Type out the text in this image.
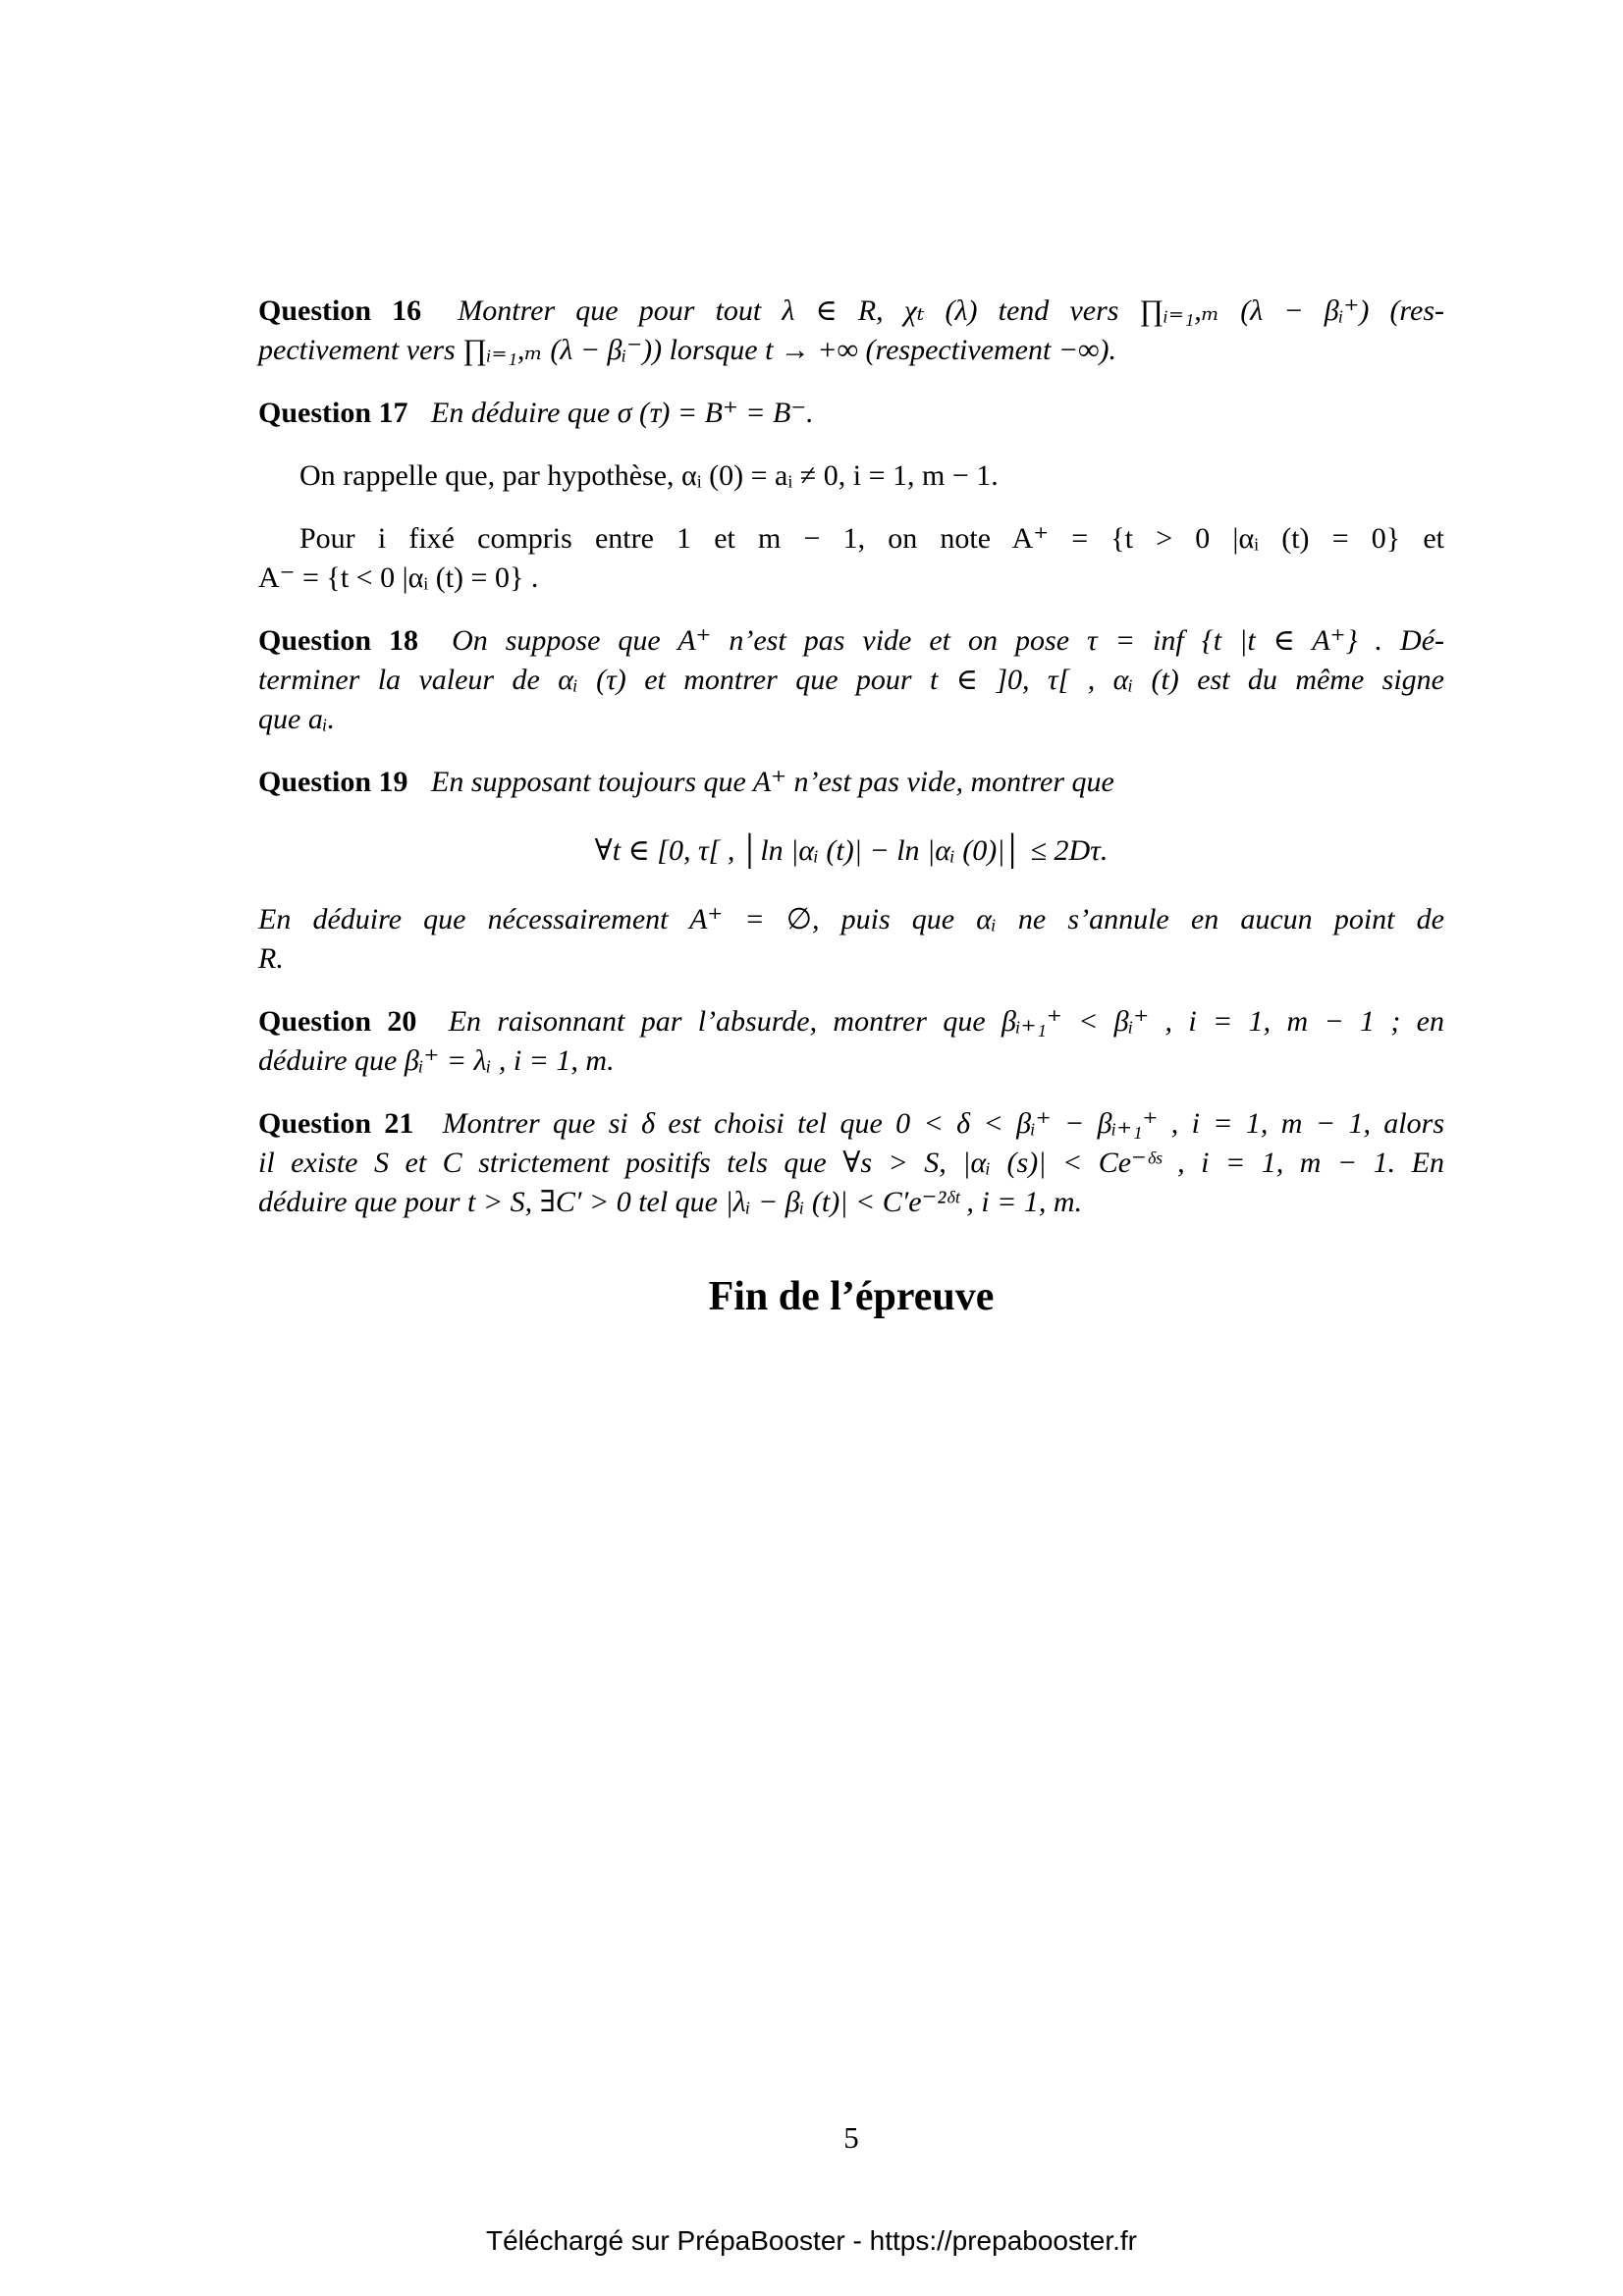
Question 16 Montrer que pour tout λ ∈ R, χₜ (λ) tend vers ∏ᵢ₌₁,ₘ (λ − βᵢ⁺) (res-
pectivement vers ∏ᵢ₌₁,ₘ (λ − βᵢ⁻)) lorsque t → +∞ (respectivement −∞).
Question 17 En déduire que σ (ᴛ) = B⁺ = B⁻.
On rappelle que, par hypothèse, αᵢ (0) = aᵢ ≠ 0, i = 1, m − 1.
Pour i fixé compris entre 1 et m − 1, on note A⁺ = {t > 0 |αᵢ (t) = 0} et
A⁻ = {t < 0 |αᵢ (t) = 0} .
Question 18 On suppose que A⁺ n’est pas vide et on pose τ = inf {t |t ∈ A⁺} . Dé-
terminer la valeur de αᵢ (τ) et montrer que pour t ∈ ]0, τ[ , αᵢ (t) est du même signe
que aᵢ.
Question 19 En supposant toujours que A⁺ n’est pas vide, montrer que
∀t ∈ [0, τ[ , │ln |αᵢ (t)| − ln |αᵢ (0)|│ ≤ 2Dτ.
En déduire que nécessairement A⁺ = ∅, puis que αᵢ ne s’annule en aucun point de
R.
Question 20 En raisonnant par l’absurde, montrer que βᵢ₊₁⁺ < βᵢ⁺ , i = 1, m − 1 ; en
déduire que βᵢ⁺ = λᵢ , i = 1, m.
Question 21 Montrer que si δ est choisi tel que 0 < δ < βᵢ⁺ − βᵢ₊₁⁺ , i = 1, m − 1, alors
il existe S et C strictement positifs tels que ∀s > S, |αᵢ (s)| < Ce⁻ᵟˢ , i = 1, m − 1. En
déduire que pour t > S, ∃C′ > 0 tel que |λᵢ − βᵢ (t)| < C′e⁻²ᵟᵗ , i = 1, m.
Fin de l’épreuve
5
Téléchargé sur PrépaBooster - https://prepabooster.fr
